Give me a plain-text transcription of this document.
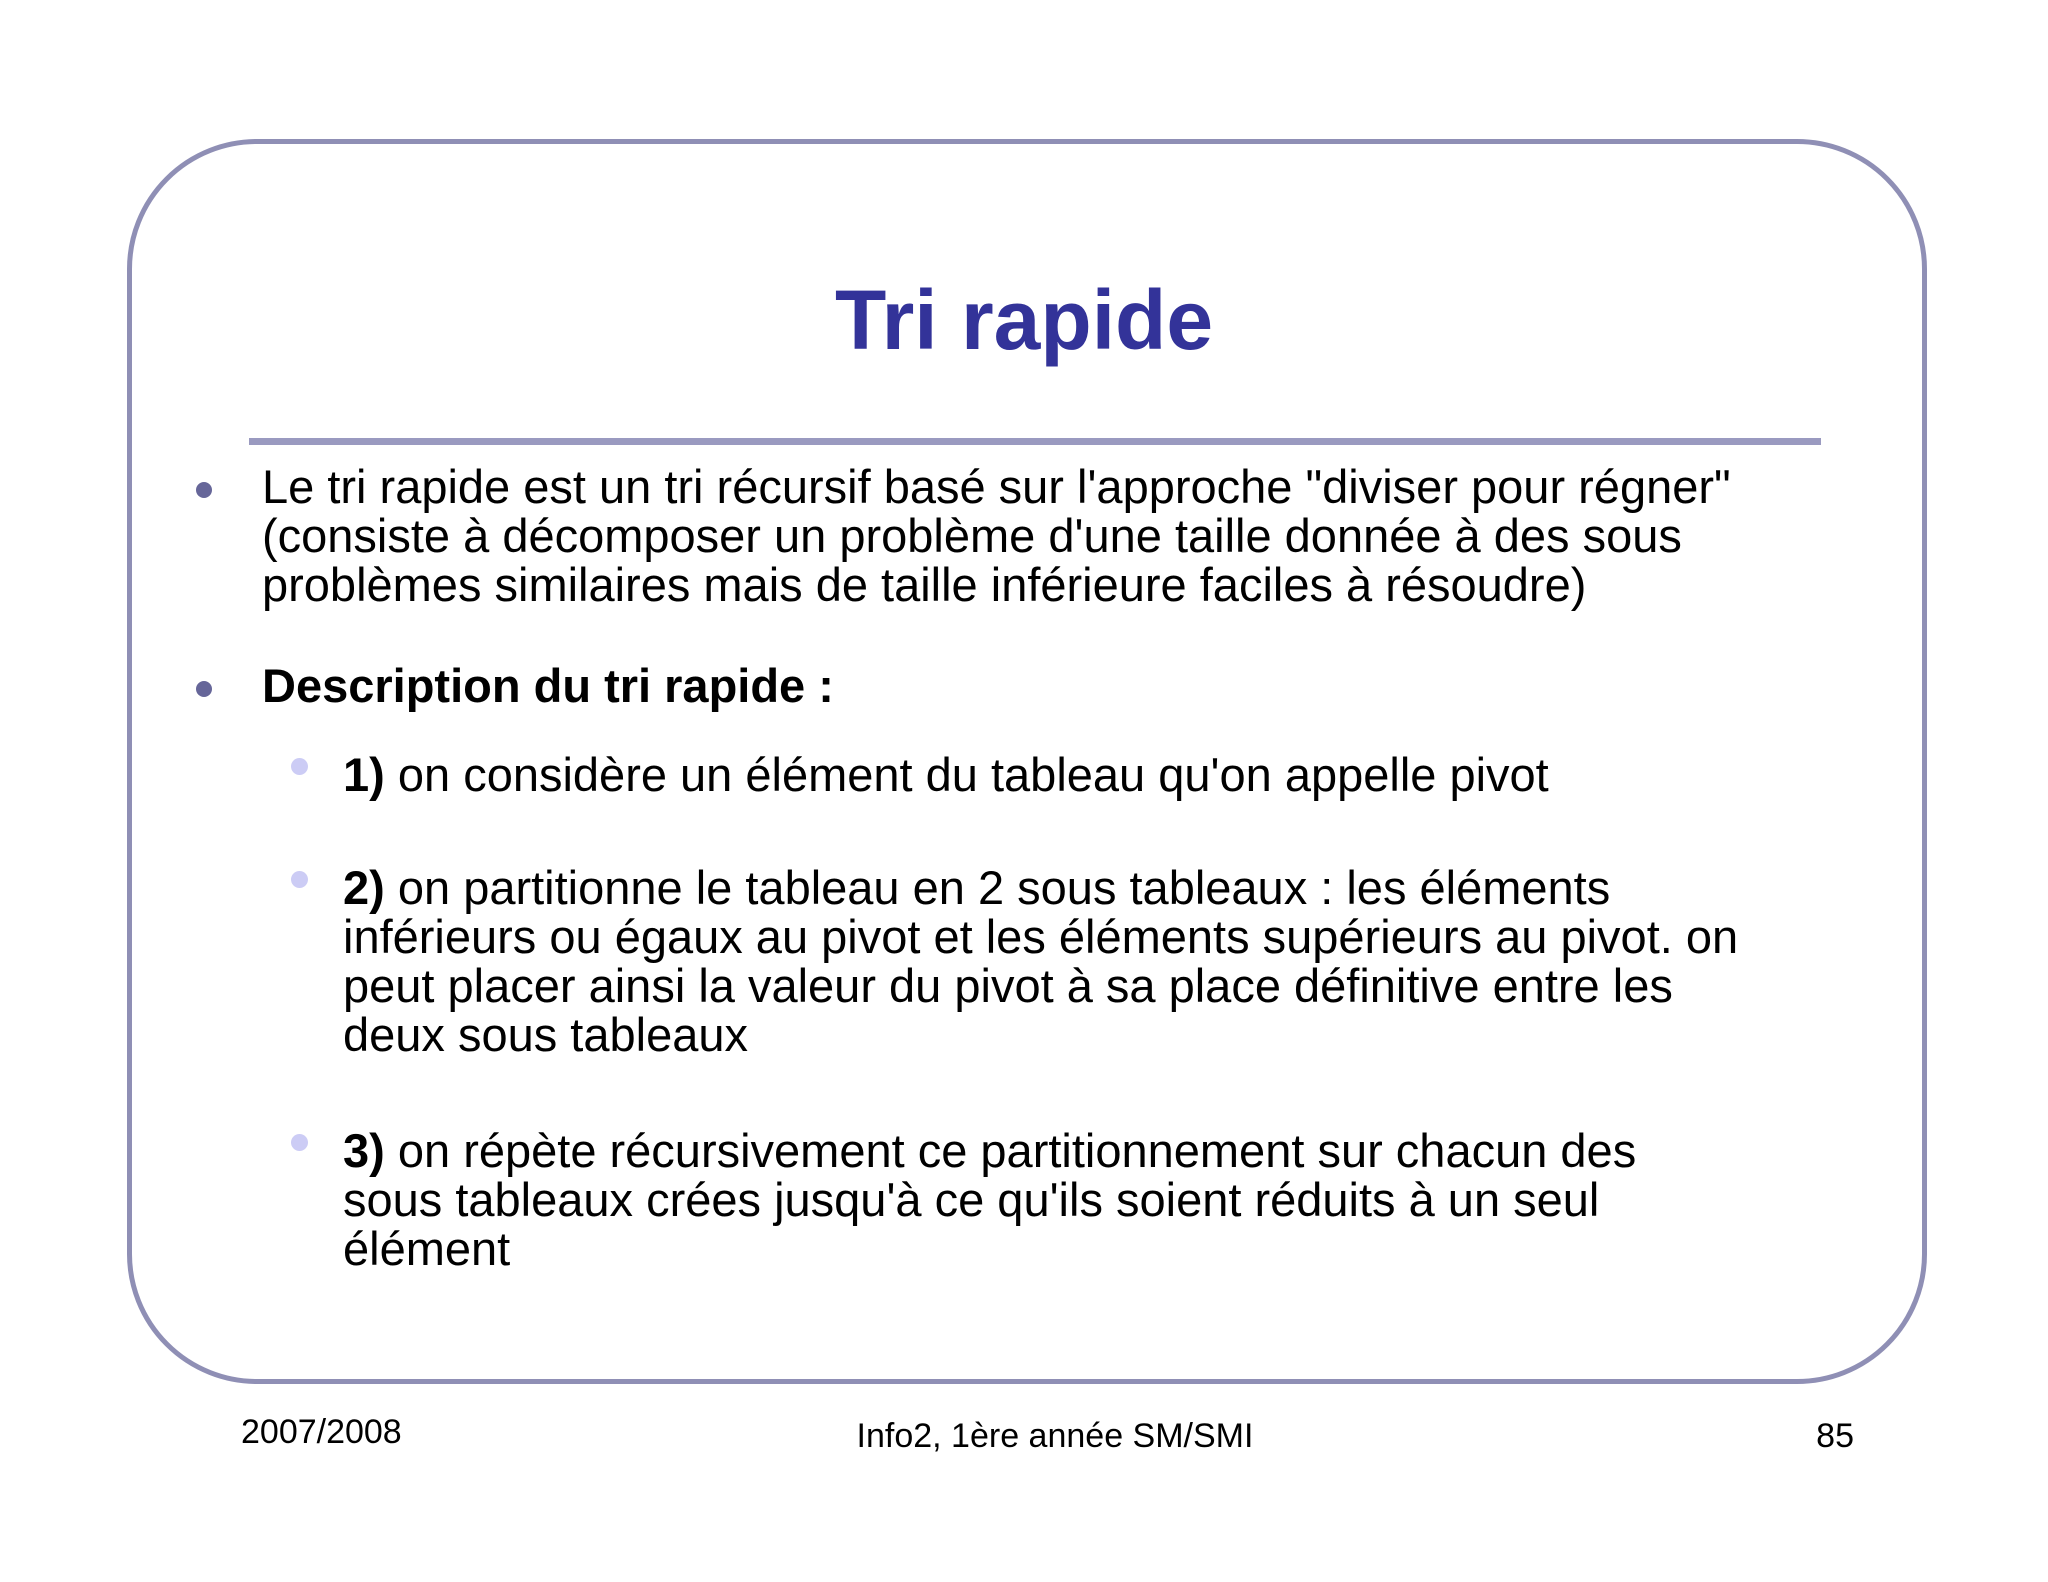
Tri rapide
Le tri rapide est un tri récursif basé sur l'approche "diviser pour régner"
(consiste à décomposer un problème d'une taille donnée à des sous
problèmes similaires mais de taille inférieure faciles à résoudre)
Description du tri rapide :
1) on considère un élément du tableau qu'on appelle pivot
2) on partitionne le tableau en 2 sous tableaux : les éléments
inférieurs ou égaux au pivot et les éléments supérieurs au pivot. on
peut placer ainsi la valeur du pivot à sa place définitive entre les
deux sous tableaux
3) on répète récursivement ce partitionnement sur chacun des
sous tableaux crées jusqu'à ce qu'ils soient réduits à un seul
élément
2007/2008	Info2, 1ère année SM/SMI	85
